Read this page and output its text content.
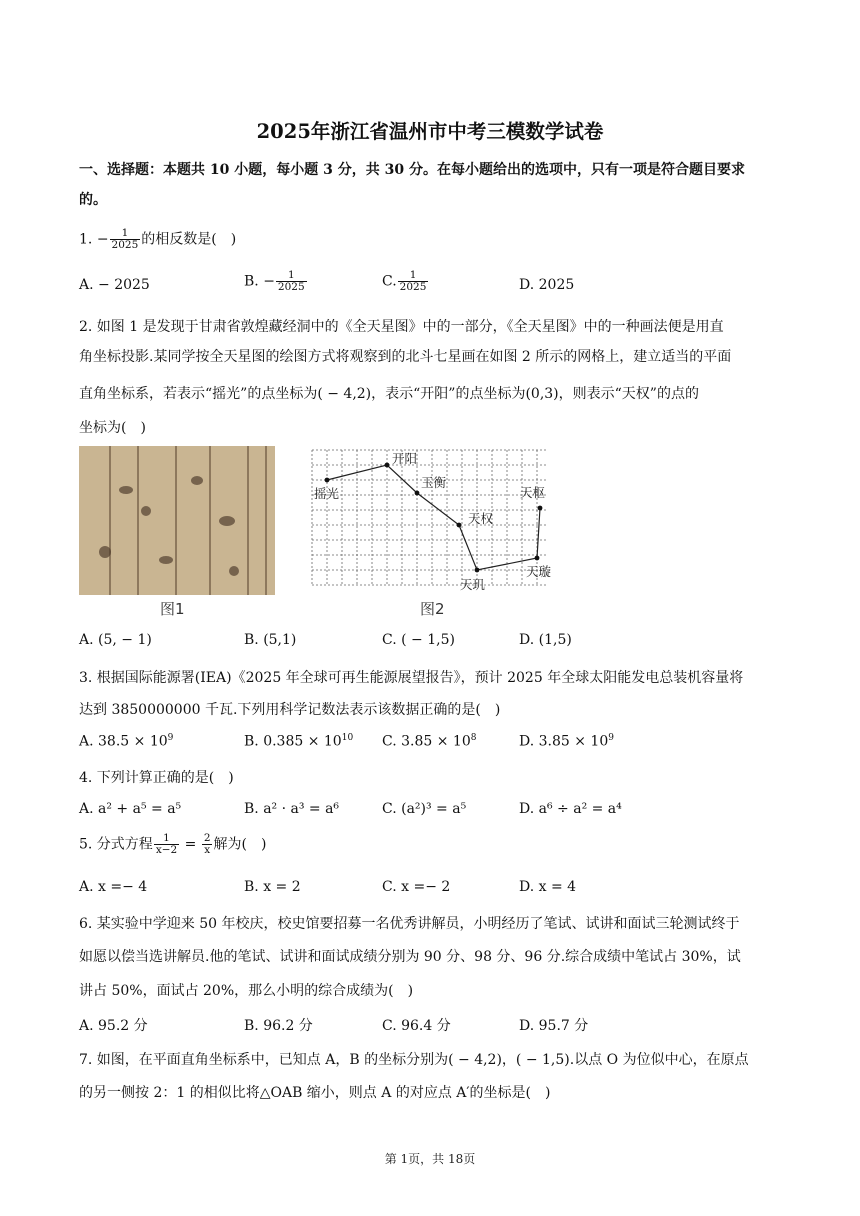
2025年浙江省温州市中考三模数学试卷
一、选择题：本题共 10 小题，每小题 3 分，共 30 分。在每小题给出的选项中，只有一项是符合题目要求
的。
1. − $\frac{1}{2025}$ 的相反数是(　)
A. − 2025	B. − $\frac{1}{2025}$	C. $\frac{1}{2025}$	D. 2025
2. 如图 1 是发现于甘肃省敦煌藏经洞中的《全天星图》中的一部分，《全天星图》中的一种画法便是用直
角坐标投影.某同学按全天星图的绘图方式将观察到的北斗七星画在如图 2 所示的网格上，建立适当的平面
直角坐标系，若表示“摇光”的点坐标为( − 4,2)，表示“开阳”的点坐标为(0,3)，则表示“天权”的点的
坐标为(　)
图1
摇光
开阳
玉衡
天权
天玑
天璇
天枢
图2
A. (5, − 1)	B. (5,1)	C. ( − 1,5)	D. (1,5)
3. 根据国际能源署(IEA)《2025 年全球可再生能源展望报告》，预计 2025 年全球太阳能发电总装机容量将
达到 3850000000 千瓦.下列用科学记数法表示该数据正确的是(　)
A. $38.5 \times 10^9$	B. $0.385 \times 10^{10}$ C. $3.85 \times 10^8$	D. $3.85 \times 10^9$
4. 下列计算正确的是(　)
A. a² + a⁵ = a⁵	B. a² · a³ = a⁶	C. (a²)³ = a⁵	D. a⁶ ÷ a² = a⁴
5. 分式方程 $\frac{1}{x-2} = \frac{2}{x}$ 解为(　)
A. x =− 4	B. x = 2	C. x =− 2	D. x = 4
6. 某实验中学迎来 50 年校庆，校史馆要招募一名优秀讲解员，小明经历了笔试、试讲和面试三轮测试终于
如愿以偿当选讲解员.他的笔试、试讲和面试成绩分别为 90 分、98 分、96 分.综合成绩中笔试占 30%，试
讲占 50%，面试占 20%，那么小明的综合成绩为(　)
A. 95.2 分	B. 96.2 分	C. 96.4 分	D. 95.7 分
7. 如图，在平面直角坐标系中，已知点 A，B 的坐标分别为( − 4,2)，( − 1,5).以点 O 为位似中心，在原点
的另一侧按 2：1 的相似比将△OAB 缩小，则点 A 的对应点 A′的坐标是(　)
第 1页，共 18页
